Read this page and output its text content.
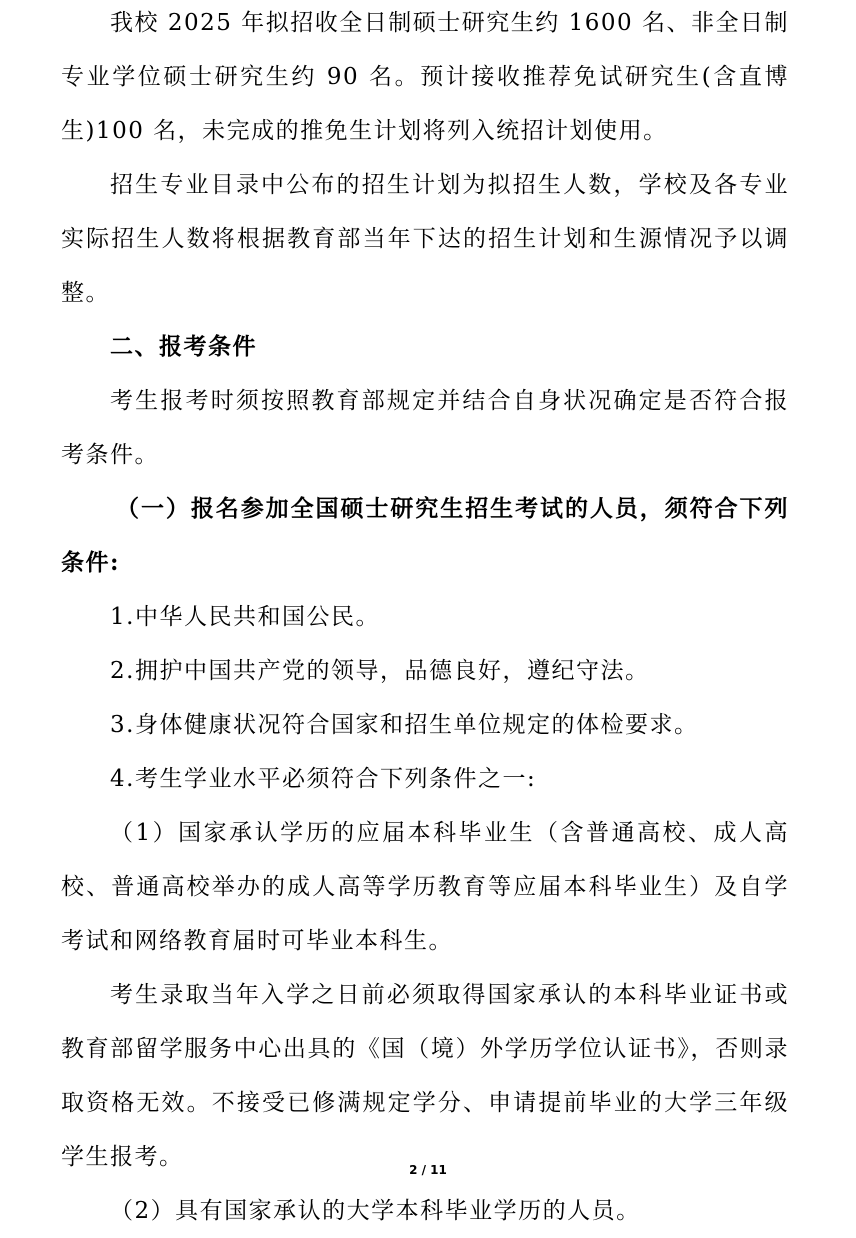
我校 2025 年拟招收全日制硕士研究生约 1600 名、非全日制专业学位硕士研究生约 90 名。预计接收推荐免试研究生(含直博生)100 名，未完成的推免生计划将列入统招计划使用。

招生专业目录中公布的招生计划为拟招生人数，学校及各专业实际招生人数将根据教育部当年下达的招生计划和生源情况予以调整。

二、报考条件

考生报考时须按照教育部规定并结合自身状况确定是否符合报考条件。

（一）报名参加全国硕士研究生招生考试的人员，须符合下列条件:

1.中华人民共和国公民。

2.拥护中国共产党的领导，品德良好，遵纪守法。

3.身体健康状况符合国家和招生单位规定的体检要求。

4.考生学业水平必须符合下列条件之一:

（1）国家承认学历的应届本科毕业生（含普通高校、成人高校、普通高校举办的成人高等学历教育等应届本科毕业生）及自学考试和网络教育届时可毕业本科生。

考生录取当年入学之日前必须取得国家承认的本科毕业证书或教育部留学服务中心出具的《国（境）外学历学位认证书》，否则录取资格无效。不接受已修满规定学分、申请提前毕业的大学三年级学生报考。

（2）具有国家承认的大学本科毕业学历的人员。

2 / 11
